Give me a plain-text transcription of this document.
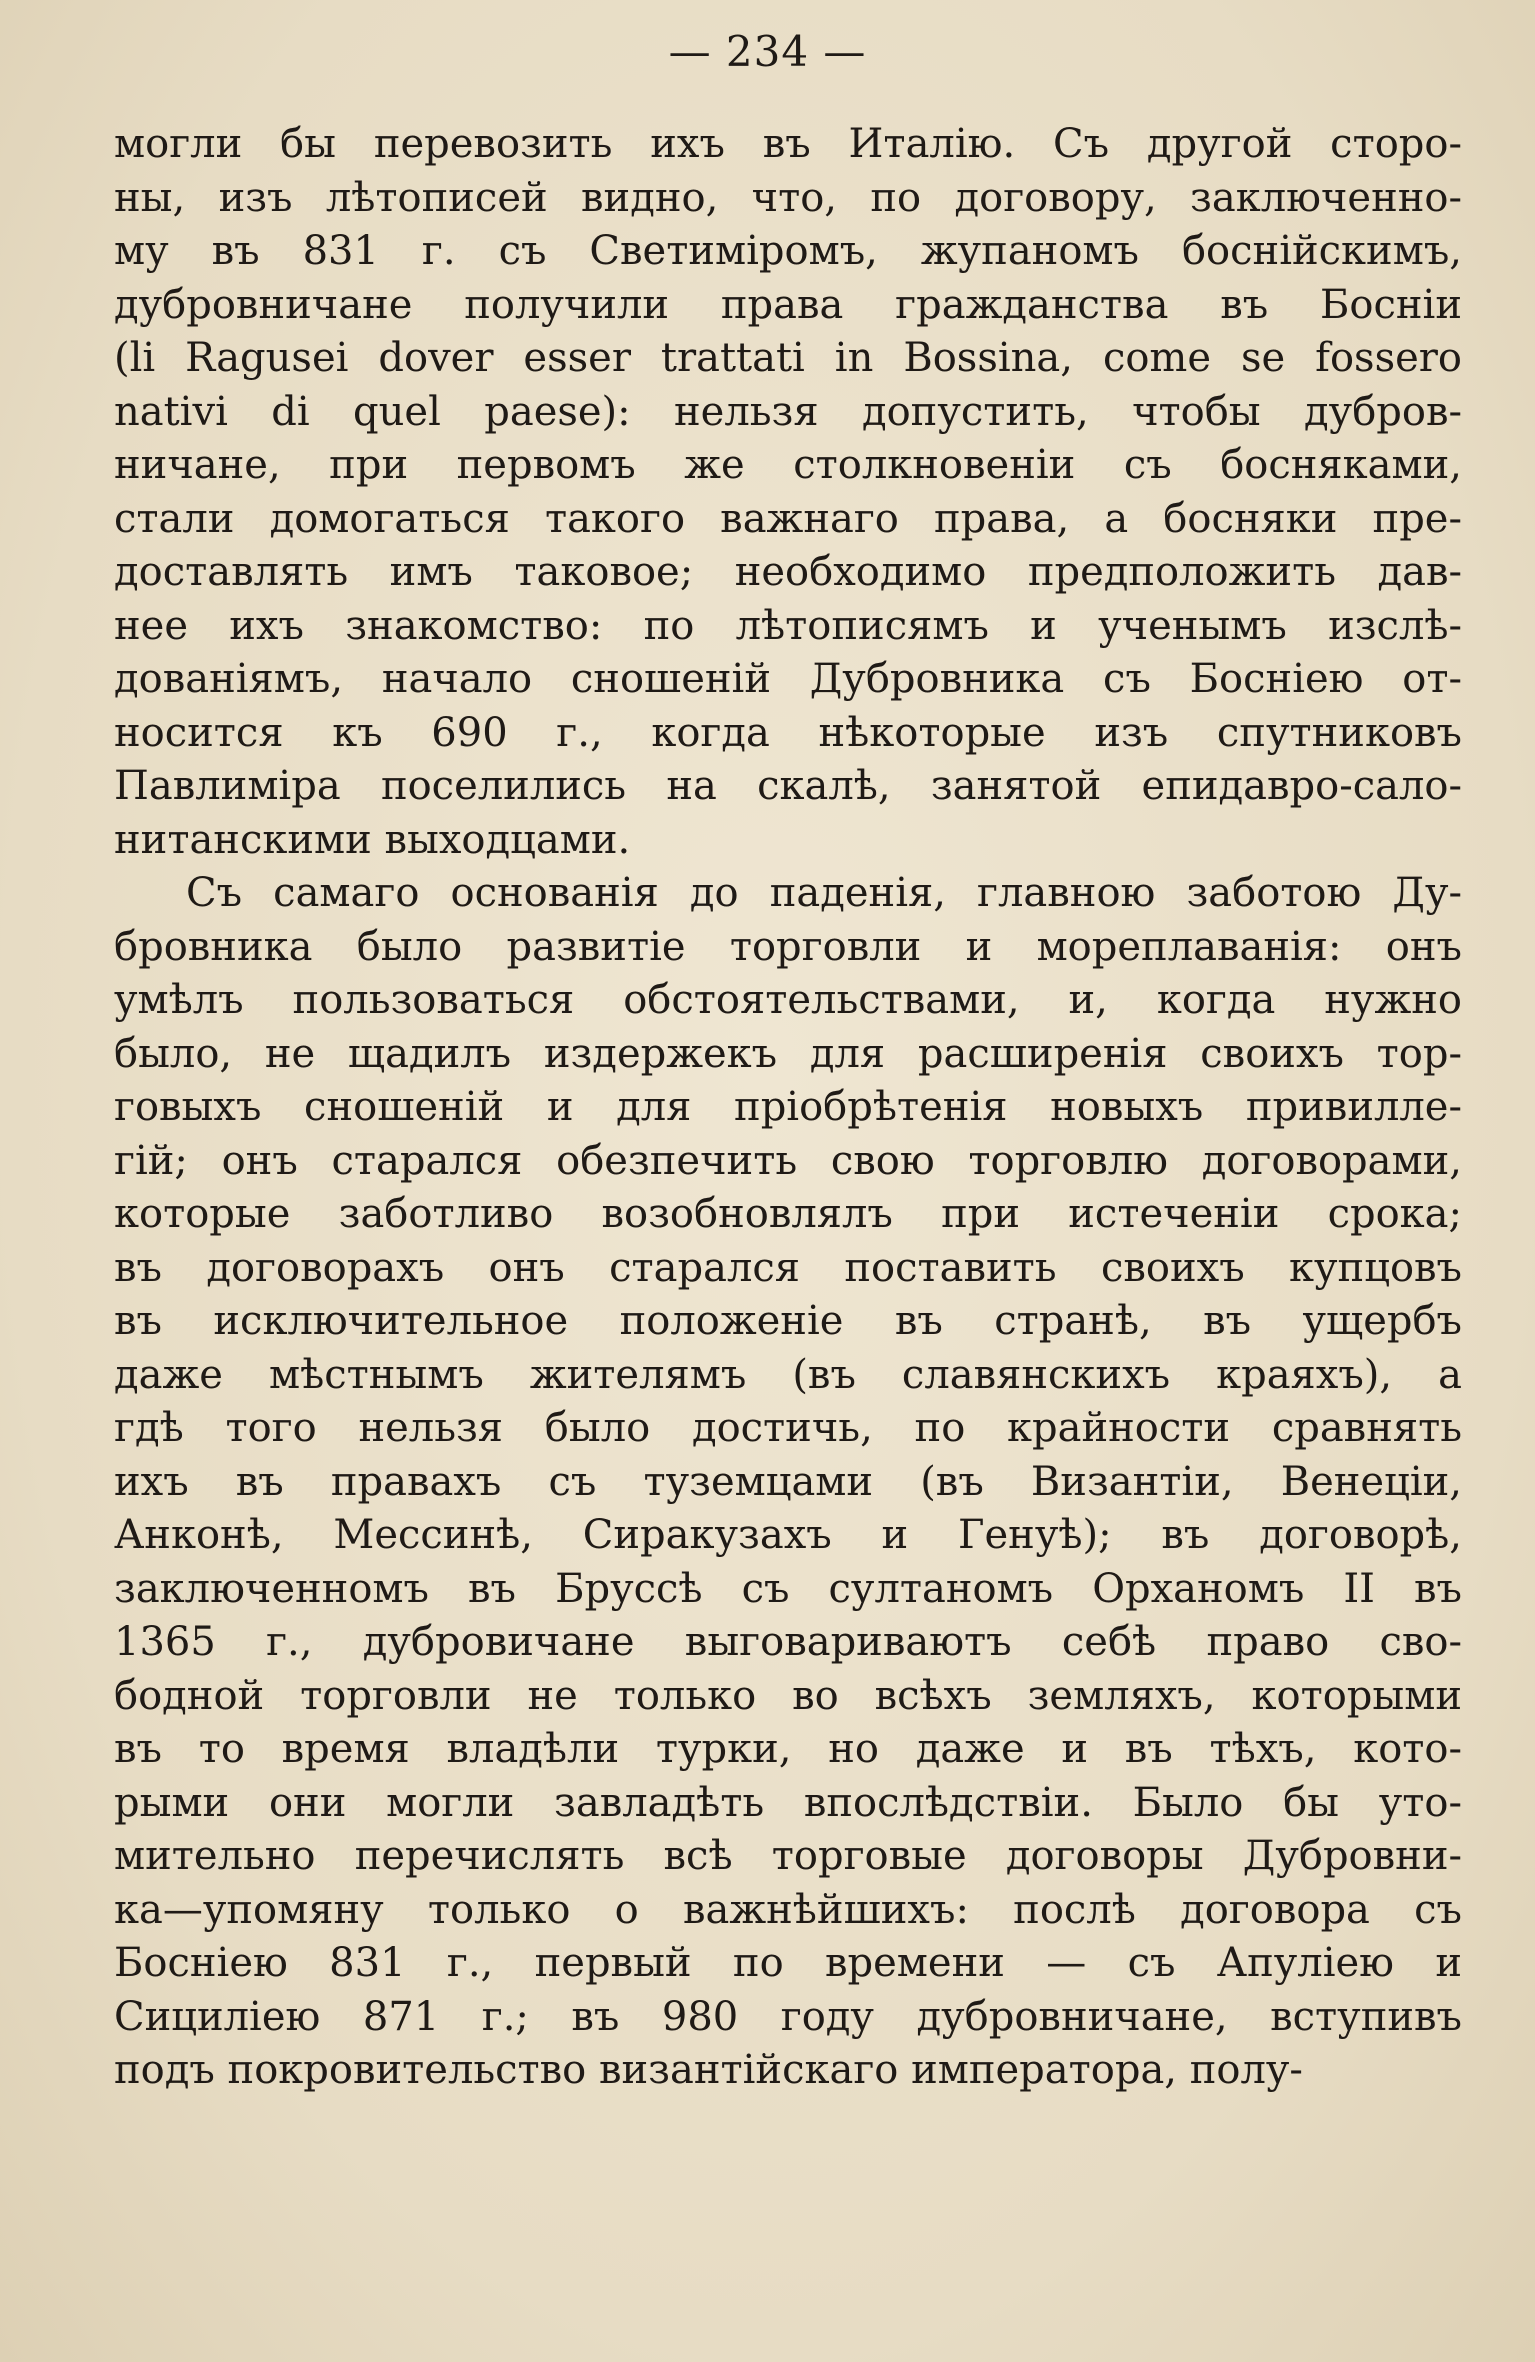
— 234 —
могли бы перевозить ихъ въ Италію. Съ другой сторо-
ны, изъ лѣтописей видно, что, по договору, заключенно-
му въ 831 г. съ Светиміромъ, жупаномъ боснійскимъ,
дубровничане получили права гражданства въ Босніи
(li Ragusei dover esser trattati in Bossina, come se fossero
nativi di quel paese): нельзя допустить, чтобы дубров-
ничане, при первомъ же столкновеніи съ босняками,
стали домогаться такого важнаго права, а босняки пре-
доставлять имъ таковое; необходимо предположить дав-
нее ихъ знакомство: по лѣтописямъ и ученымъ изслѣ-
дованіямъ, начало сношеній Дубровника съ Босніею от-
носится къ 690 г., когда нѣкоторые изъ спутниковъ
Павлиміра поселились на скалѣ, занятой епидавро-сало-
нитанскими выходцами.
Съ самаго основанія до паденія, главною заботою Ду-
бровника было развитіе торговли и мореплаванія: онъ
умѣлъ пользоваться обстоятельствами, и, когда нужно
было, не щадилъ издержекъ для расширенія своихъ тор-
говыхъ сношеній и для пріобрѣтенія новыхъ привилле-
гій; онъ старался обезпечить свою торговлю договорами,
которые заботливо возобновлялъ при истеченіи срока;
въ договорахъ онъ старался поставить своихъ купцовъ
въ исключительное положеніе въ странѣ, въ ущербъ
даже мѣстнымъ жителямъ (въ славянскихъ краяхъ), а
гдѣ того нельзя было достичь, по крайности сравнять
ихъ въ правахъ съ туземцами (въ Византіи, Венеціи,
Анконѣ, Мессинѣ, Сиракузахъ и Генуѣ); въ договорѣ,
заключенномъ въ Бруссѣ съ султаномъ Орханомъ II въ
1365 г., дубровичане выговариваютъ себѣ право сво-
бодной торговли не только во всѣхъ земляхъ, которыми
въ то время владѣли турки, но даже и въ тѣхъ, кото-
рыми они могли завладѣть впослѣдствіи. Было бы уто-
мительно перечислять всѣ торговые договоры Дубровни-
ка—упомяну только о важнѣйшихъ: послѣ договора съ
Босніею 831 г., первый по времени — съ Апуліею и
Сициліею 871 г.; въ 980 году дубровничане, вступивъ
подъ покровительство византійскаго императора, полу-
